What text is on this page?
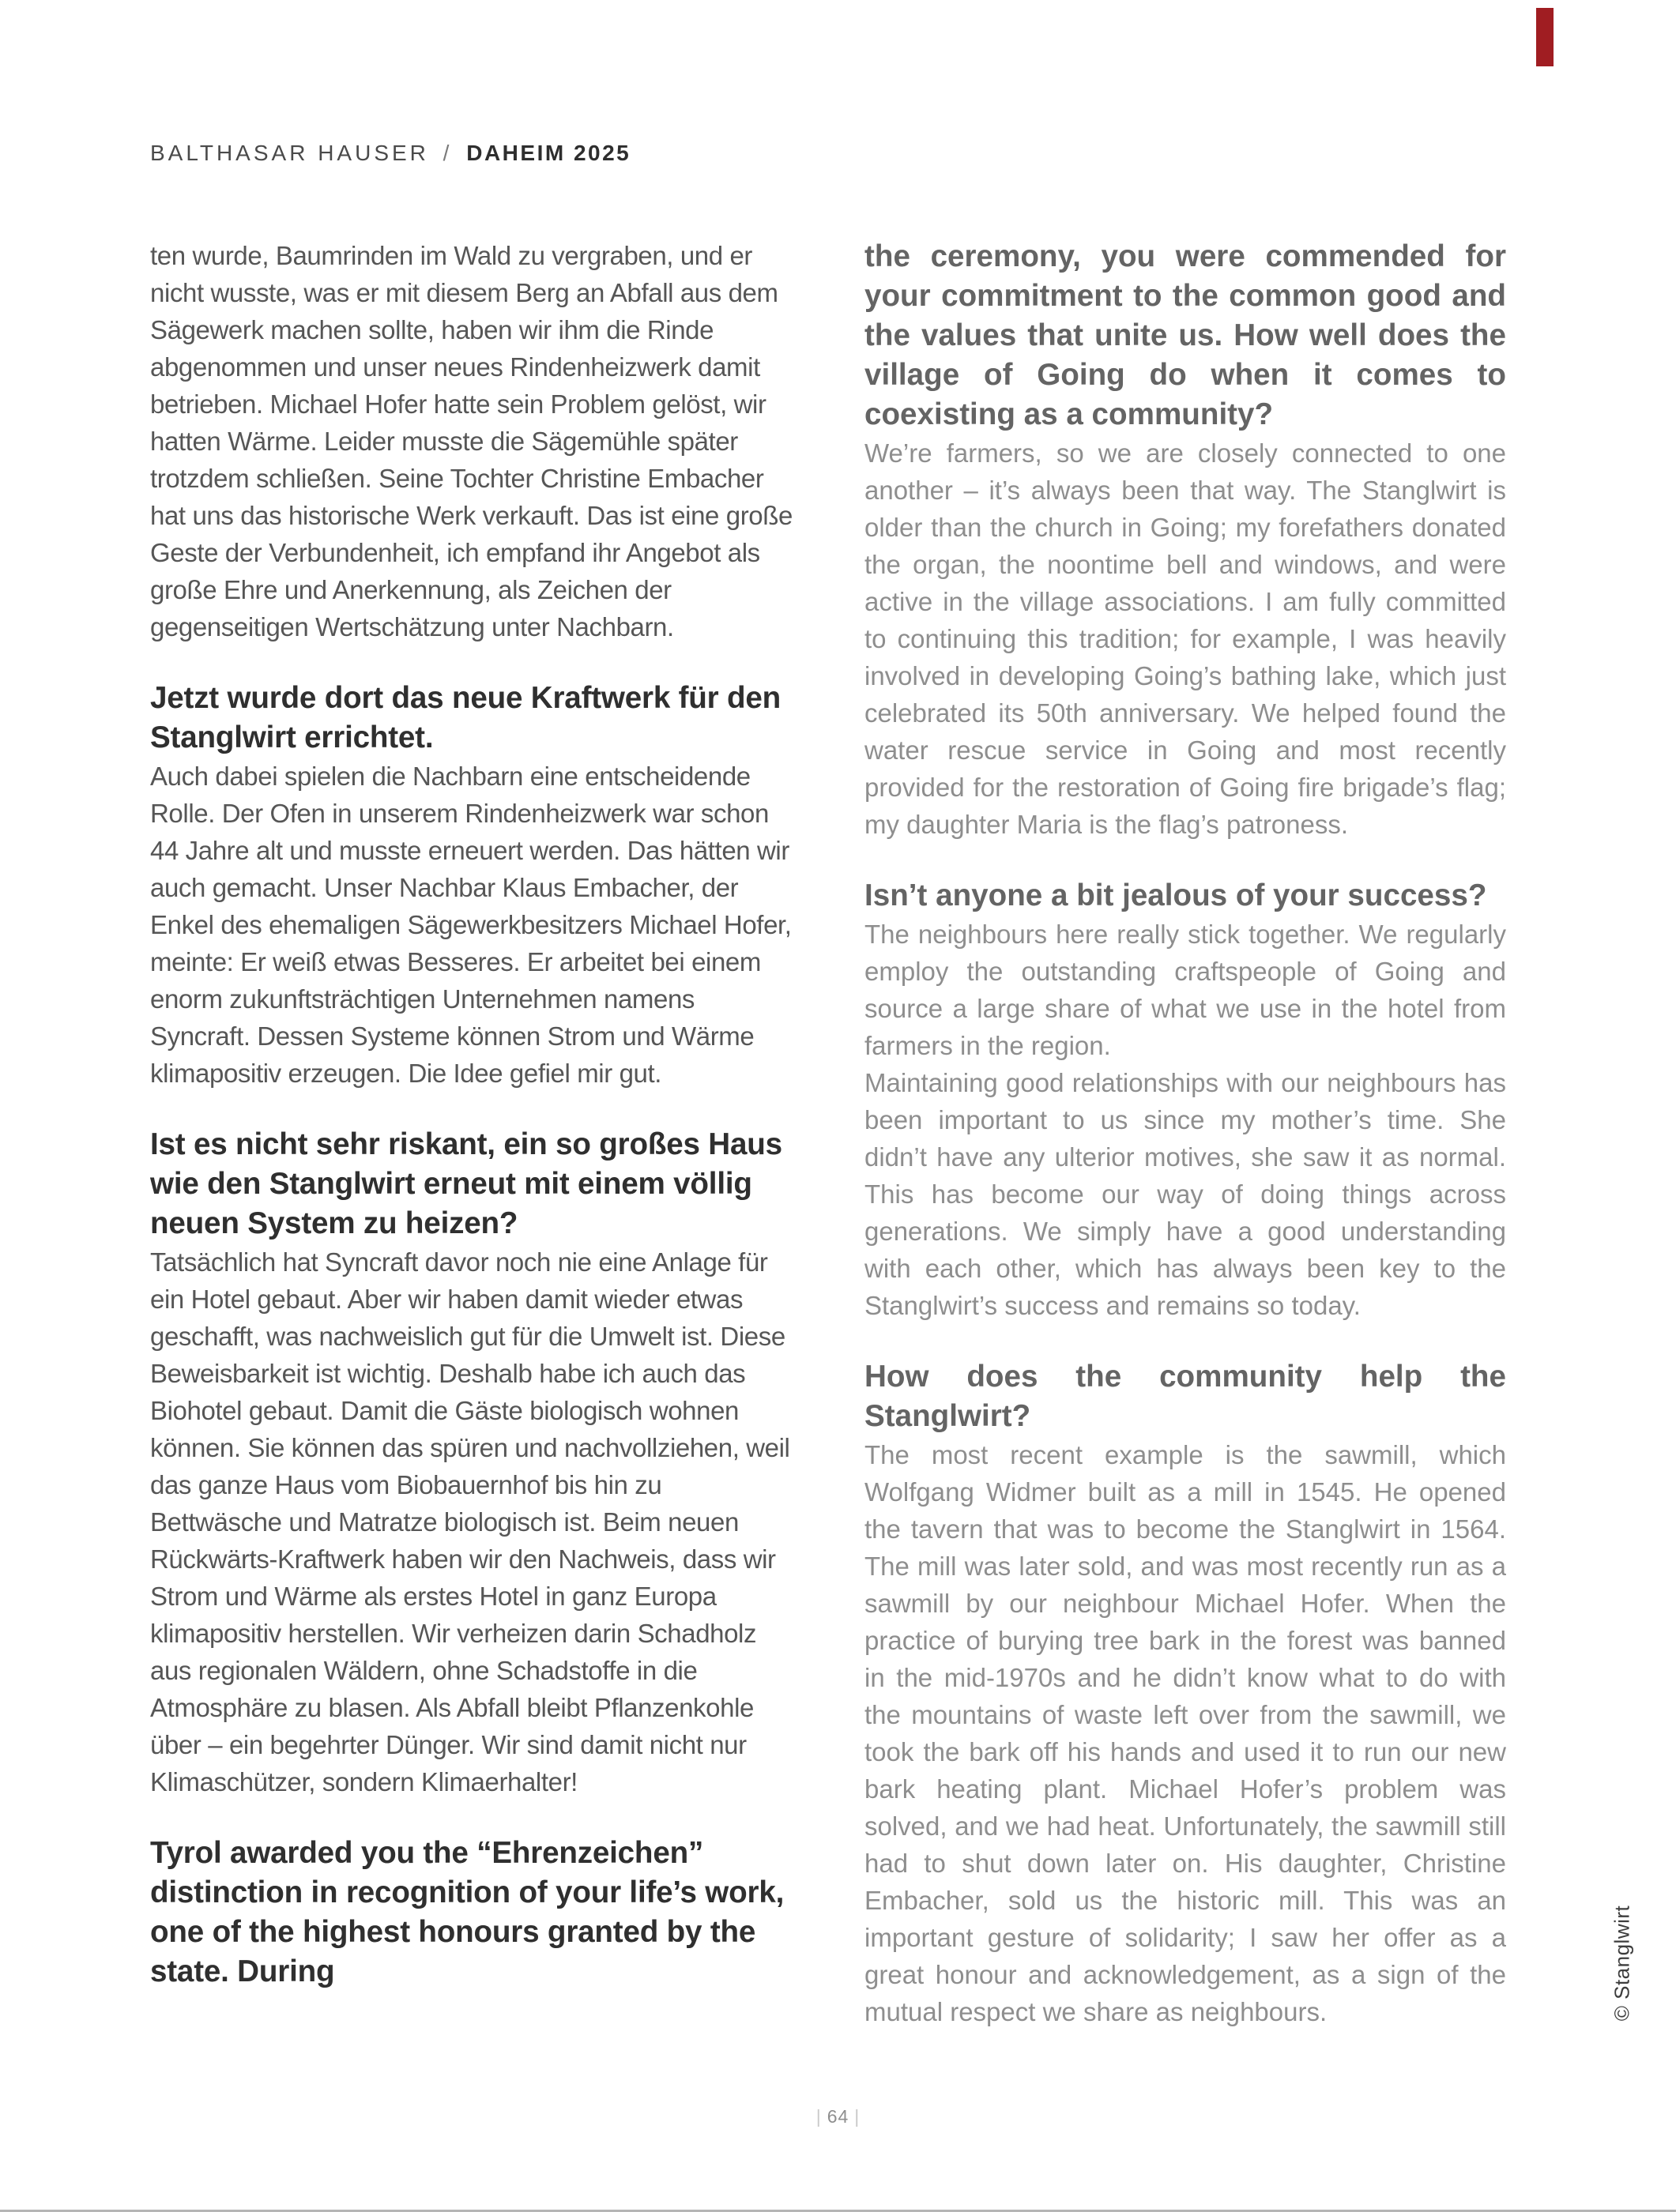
BALTHASAR HAUSER / DAHEIM 2025

ten wurde, Baumrinden im Wald zu vergraben, und er nicht wusste, was er mit diesem Berg an Abfall aus dem Sägewerk machen sollte, haben wir ihm die Rinde abgenommen und unser neues Rindenheizwerk damit betrieben. Michael Hofer hatte sein Problem gelöst, wir hatten Wärme. Leider musste die Sägemühle später trotzdem schließen. Seine Tochter Christine Embacher hat uns das historische Werk verkauft. Das ist eine große Geste der Verbundenheit, ich empfand ihr Angebot als große Ehre und Anerkennung, als Zeichen der gegenseitigen Wertschätzung unter Nachbarn.

Jetzt wurde dort das neue Kraftwerk für den Stanglwirt errichtet.

Auch dabei spielen die Nachbarn eine entscheidende Rolle. Der Ofen in unserem Rindenheizwerk war schon 44 Jahre alt und musste erneuert werden. Das hätten wir auch gemacht. Unser Nachbar Klaus Embacher, der Enkel des ehemaligen Sägewerkbesitzers Michael Hofer, meinte: Er weiß etwas Besseres. Er arbeitet bei einem enorm zukunftsträchtigen Unternehmen namens Syncraft. Dessen Systeme können Strom und Wärme klimapositiv erzeugen. Die Idee gefiel mir gut.

Ist es nicht sehr riskant, ein so großes Haus wie den Stanglwirt erneut mit einem völlig neuen System zu heizen?

Tatsächlich hat Syncraft davor noch nie eine Anlage für ein Hotel gebaut. Aber wir haben damit wieder etwas geschafft, was nachweislich gut für die Umwelt ist. Diese Beweisbarkeit ist wichtig. Deshalb habe ich auch das Biohotel gebaut. Damit die Gäste biologisch wohnen können. Sie können das spüren und nachvollziehen, weil das ganze Haus vom Biobauernhof bis hin zu Bettwäsche und Matratze biologisch ist. Beim neuen Rückwärts-Kraftwerk haben wir den Nachweis, dass wir Strom und Wärme als erstes Hotel in ganz Europa klimapositiv herstellen. Wir verheizen darin Schadholz aus regionalen Wäldern, ohne Schadstoffe in die Atmosphäre zu blasen. Als Abfall bleibt Pflanzenkohle über – ein begehrter Dünger. Wir sind damit nicht nur Klimaschützer, sondern Klimaerhalter!

Tyrol awarded you the “Ehrenzeichen” distinction in recognition of your life’s work, one of the highest honours granted by the state. During
the ceremony, you were commended for your commitment to the common good and the values that unite us. How well does the village of Going do when it comes to coexisting as a community?

We’re farmers, so we are closely connected to one another – it’s always been that way. The Stanglwirt is older than the church in Going; my forefathers donated the organ, the noontime bell and windows, and were active in the village associations. I am fully committed to continuing this tradition; for example, I was heavily involved in developing Going’s bathing lake, which just celebrated its 50th anniversary. We helped found the water rescue service in Going and most recently provided for the restoration of Going fire brigade’s flag; my daughter Maria is the flag’s patroness.

Isn’t anyone a bit jealous of your success?

The neighbours here really stick together. We regularly employ the outstanding craftspeople of Going and source a large share of what we use in the hotel from farmers in the region.

Maintaining good relationships with our neighbours has been important to us since my mother’s time. She didn’t have any ulterior motives, she saw it as normal. This has become our way of doing things across generations. We simply have a good understanding with each other, which has always been key to the Stanglwirt’s success and remains so today.

How does the community help the Stanglwirt?

The most recent example is the sawmill, which Wolfgang Widmer built as a mill in 1545. He opened the tavern that was to become the Stanglwirt in 1564. The mill was later sold, and was most recently run as a sawmill by our neighbour Michael Hofer. When the practice of burying tree bark in the forest was banned in the mid-1970s and he didn’t know what to do with the mountains of waste left over from the sawmill, we took the bark off his hands and used it to run our new bark heating plant. Michael Hofer’s problem was solved, and we had heat. Unfortunately, the sawmill still had to shut down later on. His daughter, Christine Embacher, sold us the historic mill. This was an important gesture of solidarity; I saw her offer as a great honour and acknowledgement, as a sign of the mutual respect we share as neighbours.

| 64 |
© Stanglwirt
